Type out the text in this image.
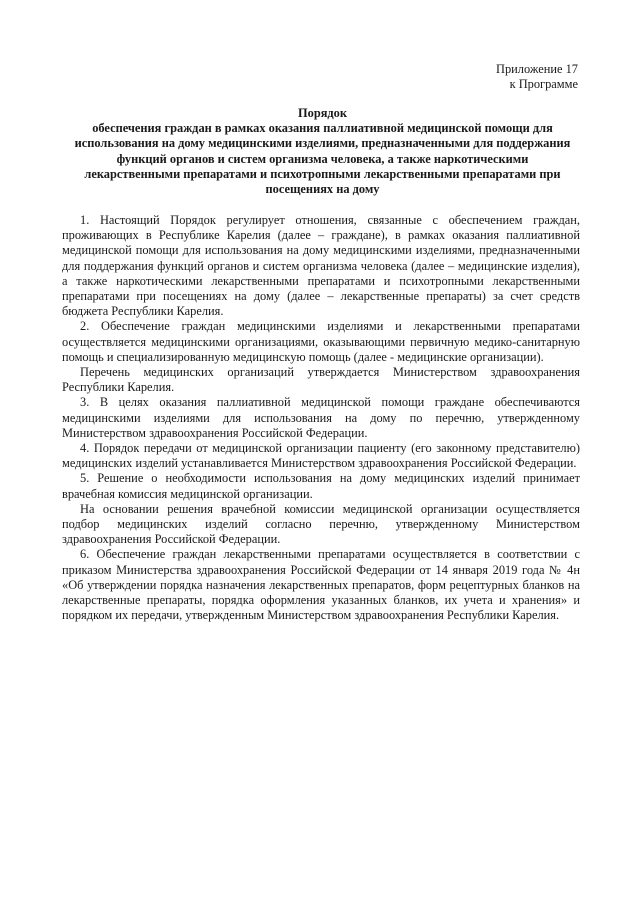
Приложение 17
к Программе
Порядок
обеспечения граждан в рамках оказания паллиативной медицинской помощи для
использования на дому медицинскими изделиями, предназначенными для поддержания
функций органов и систем организма человека, а также наркотическими
лекарственными препаратами и психотропными лекарственными препаратами при
посещениях на дому

1. Настоящий Порядок регулирует отношения, связанные с обеспечением граждан, проживающих в Республике Карелия (далее – граждане), в рамках оказания паллиативной медицинской помощи для использования на дому медицинскими изделиями, предназначенными для поддержания функций органов и систем организма человека (далее – медицинские изделия), а также наркотическими лекарственными препаратами и психотропными лекарственными препаратами при посещениях на дому (далее – лекарственные препараты) за счет средств бюджета Республики Карелия.

2. Обеспечение граждан медицинскими изделиями и лекарственными препаратами осуществляется медицинскими организациями, оказывающими первичную медико-санитарную помощь и специализированную медицинскую помощь (далее - медицинские организации).

Перечень медицинских организаций утверждается Министерством здравоохранения Республики Карелия.

3. В целях оказания паллиативной медицинской помощи граждане обеспечиваются медицинскими изделиями для использования на дому по перечню, утвержденному Министерством здравоохранения Российской Федерации.

4. Порядок передачи от медицинской организации пациенту (его законному представителю) медицинских изделий устанавливается Министерством здравоохранения Российской Федерации.

5. Решение о необходимости использования на дому медицинских изделий принимает врачебная комиссия медицинской организации.

На основании решения врачебной комиссии медицинской организации осуществляется подбор медицинских изделий согласно перечню, утвержденному Министерством здравоохранения Российской Федерации.

6. Обеспечение граждан лекарственными препаратами осуществляется в соответствии с приказом Министерства здравоохранения Российской Федерации от 14 января 2019 года № 4н «Об утверждении порядка назначения лекарственных препаратов, форм рецептурных бланков на лекарственные препараты, порядка оформления указанных бланков, их учета и хранения» и порядком их передачи, утвержденным Министерством здравоохранения Республики Карелия.
